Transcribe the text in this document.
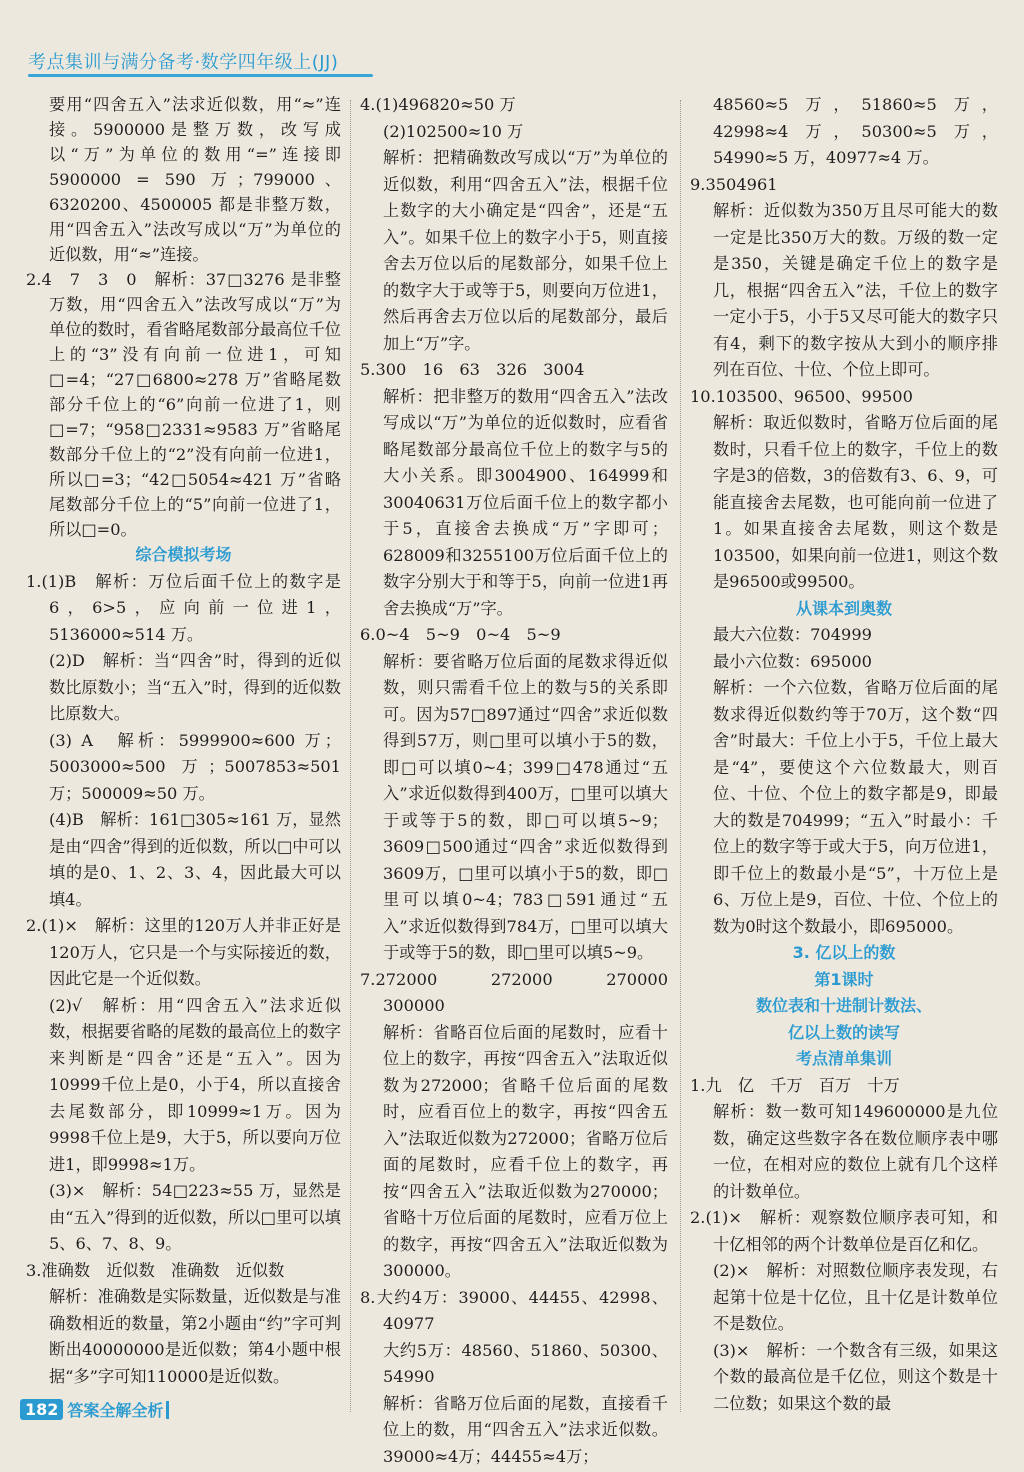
考点集训与满分备考·数学四年级上(JJ)
要用“四舍五入”法求近似数，用“≈”连接。5900000是整万数，改写成以“万”为单位的数用“=”连接即 5900000 = 590 万；799000、6320200、4500005 都是非整万数，用“四舍五入”法改写成以“万”为单位的近似数，用“≈”连接。
2.4　7　3　0　解析：37□3276 是非整万数，用“四舍五入”法改写成以“万”为单位的数时，看省略尾数部分最高位千位上的“3”没有向前一位进1，可知□=4；“27□6800≈278 万”省略尾数部分千位上的“6”向前一位进了1，则□=7；“958□2331≈9583 万”省略尾数部分千位上的“2”没有向前一位进1，所以□=3；“42□5054≈421 万”省略尾数部分千位上的“5”向前一位进了1，所以□=0。
综合模拟考场
1.(1)B　解析：万位后面千位上的数字是6，6>5，应向前一位进1，5136000≈514 万。
(2)D　解析：当“四舍”时，得到的近似数比原数小；当“五入”时，得到的近似数比原数大。
(3) A　解析：5999900≈600 万；5003000≈500 万；5007853≈501 万；500009≈50 万。
(4)B　解析：161□305≈161 万，显然是由“四舍”得到的近似数，所以□中可以填的是0、1、2、3、4，因此最大可以填4。
2.(1)×　解析：这里的120万人并非正好是120万人，它只是一个与实际接近的数，因此它是一个近似数。
(2)√　解析：用“四舍五入”法求近似数，根据要省略的尾数的最高位上的数字来判断是“四舍”还是“五入”。因为10999千位上是0，小于4，所以直接舍去尾数部分，即10999≈1万。因为9998千位上是9，大于5，所以要向万位进1，即9998≈1万。
(3)×　解析：54□223≈55 万，显然是由“五入”得到的近似数，所以□里可以填5、6、7、8、9。
3.准确数　近似数　准确数　近似数
解析：准确数是实际数量，近似数是与准确数相近的数量，第2小题由“约”字可判断出40000000是近似数；第4小题中根据“多”字可知110000是近似数。
4.(1)496820≈50 万
(2)102500≈10 万
解析：把精确数改写成以“万”为单位的近似数，利用“四舍五入”法，根据千位上数字的大小确定是“四舍”，还是“五入”。如果千位上的数字小于5，则直接舍去万位以后的尾数部分，如果千位上的数字大于或等于5，则要向万位进1，然后再舍去万位以后的尾数部分，最后加上“万”字。
5.300　16　63　326　3004
解析：把非整万的数用“四舍五入”法改写成以“万”为单位的近似数时，应看省略尾数部分最高位千位上的数字与5的大小关系。即3004900、164999和30040631万位后面千位上的数字都小于5，直接舍去换成“万”字即可；628009和3255100万位后面千位上的数字分别大于和等于5，向前一位进1再舍去换成“万”字。
6.0~4　5~9　0~4　5~9
解析：要省略万位后面的尾数求得近似数，则只需看千位上的数与5的关系即可。因为57□897通过“四舍”求近似数得到57万，则□里可以填小于5的数，即□可以填0~4；399□478通过“五入”求近似数得到400万，□里可以填大于或等于5的数，即□可以填5~9；3609□500通过“四舍”求近似数得到3609万，□里可以填小于5的数，即□里可以填0~4；783□591通过“五入”求近似数得到784万，□里可以填大于或等于5的数，即□里可以填5~9。
7.272000　272000　270000　300000
解析：省略百位后面的尾数时，应看十位上的数字，再按“四舍五入”法取近似数为272000；省略千位后面的尾数时，应看百位上的数字，再按“四舍五入”法取近似数为272000；省略万位后面的尾数时，应看千位上的数字，再按“四舍五入”法取近似数为270000；省略十万位后面的尾数时，应看万位上的数字，再按“四舍五入”法取近似数为300000。
8.大约4万：39000、44455、42998、40977
大约5万：48560、51860、50300、54990
解析：省略万位后面的尾数，直接看千位上的数，用“四舍五入”法求近似数。39000≈4万；44455≈4万；
48560≈5 万，51860≈5 万，42998≈4 万，50300≈5 万，54990≈5 万，40977≈4 万。
9.3504961
解析：近似数为350万且尽可能大的数一定是比350万大的数。万级的数一定是350，关键是确定千位上的数字是几，根据“四舍五入”法，千位上的数字一定小于5，小于5又尽可能大的数字只有4，剩下的数字按从大到小的顺序排列在百位、十位、个位上即可。
10.103500、96500、99500
解析：取近似数时，省略万位后面的尾数时，只看千位上的数字，千位上的数字是3的倍数，3的倍数有3、6、9，可能直接舍去尾数，也可能向前一位进了1。如果直接舍去尾数，则这个数是103500，如果向前一位进1，则这个数是96500或99500。
从课本到奥数
最大六位数：704999
最小六位数：695000
解析：一个六位数，省略万位后面的尾数求得近似数约等于70万，这个数“四舍”时最大：千位上小于5，千位上最大是“4”，要使这个六位数最大，则百位、十位、个位上的数字都是9，即最大的数是704999；“五入”时最小：千位上的数字等于或大于5，向万位进1，即千位上的数最小是“5”，十万位上是6、万位上是9，百位、十位、个位上的数为0时这个数最小，即695000。
3. 亿以上的数
第1课时
数位表和十进制计数法、
亿以上数的读写
考点清单集训
1.九　亿　千万　百万　十万
解析：数一数可知149600000是九位数，确定这些数字各在数位顺序表中哪一位，在相对应的数位上就有几个这样的计数单位。
2.(1)×　解析：观察数位顺序表可知，和十亿相邻的两个计数单位是百亿和亿。
(2)×　解析：对照数位顺序表发现，右起第十位是十亿位，且十亿是计数单位不是数位。
(3)×　解析：一个数含有三级，如果这个数的最高位是千亿位，则这个数是十二位数；如果这个数的最
182 答案全解全析
